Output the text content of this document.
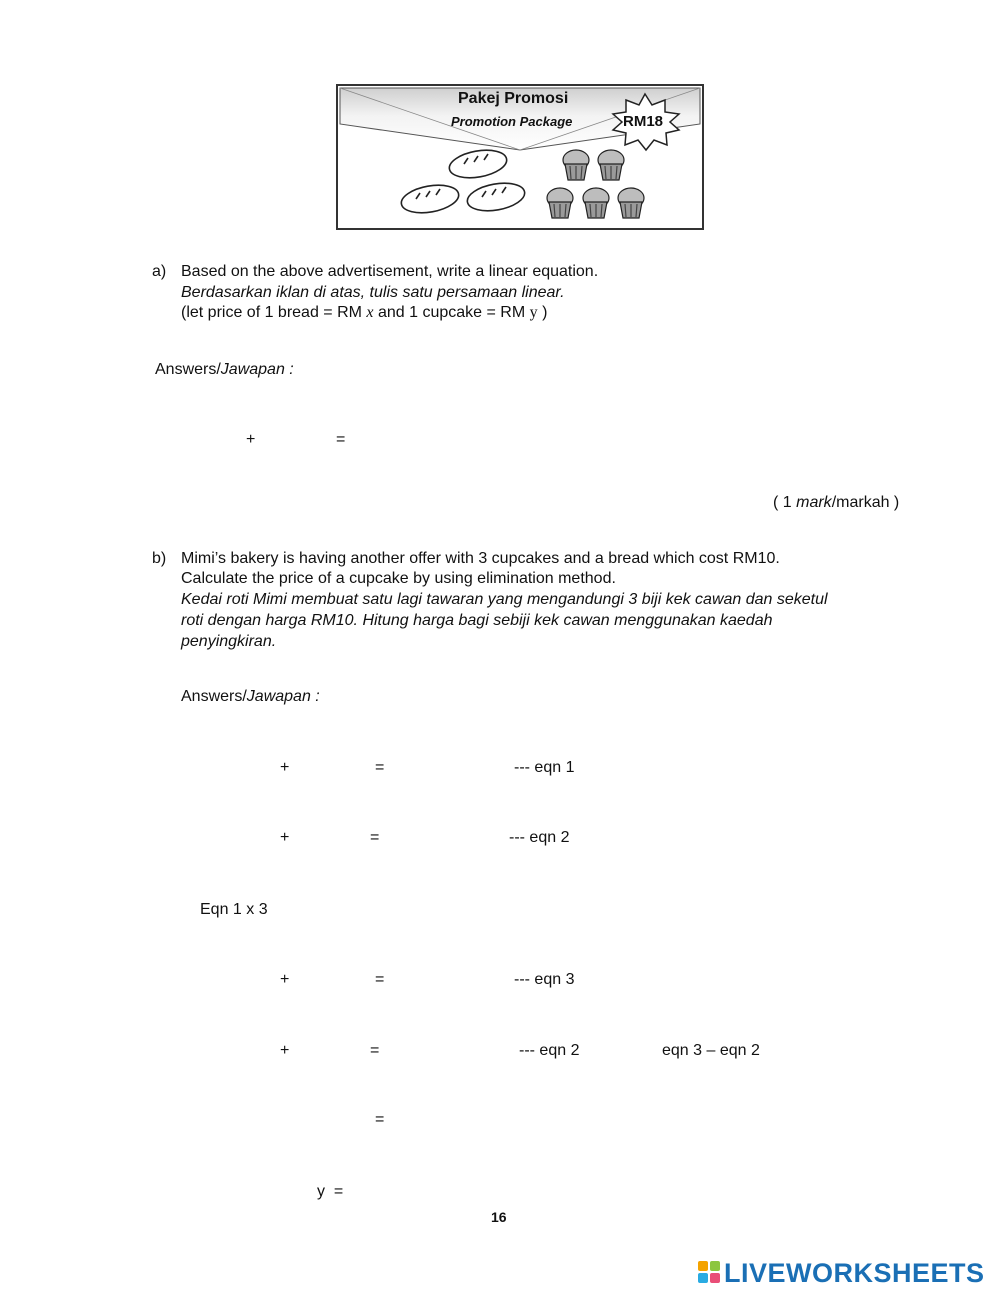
Pakej Promosi
Promotion Package	RM18
a) Based on the above advertisement, write a linear equation.
Berdasarkan iklan di atas, tulis satu persamaan linear.
(let price of 1 bread = RM x and 1 cupcake = RM y )
Answers/Jawapan :
+	=
( 1 mark/markah )
b) Mimi’s bakery is having another offer with 3 cupcakes and a bread which cost RM10.
Calculate the price of a cupcake by using elimination method.
Kedai roti Mimi membuat satu lagi tawaran yang mengandungi 3 biji kek cawan dan seketul
roti dengan harga RM10. Hitung harga bagi sebiji kek cawan menggunakan kaedah
penyingkiran.
Answers/Jawapan :
+	=	--- eqn 1
+	=	--- eqn 2
Eqn 1 x 3
+	=	--- eqn 3
+	=	--- eqn 2	eqn 3 – eqn 2
=
y =
16
LIVEWORKSHEETS
